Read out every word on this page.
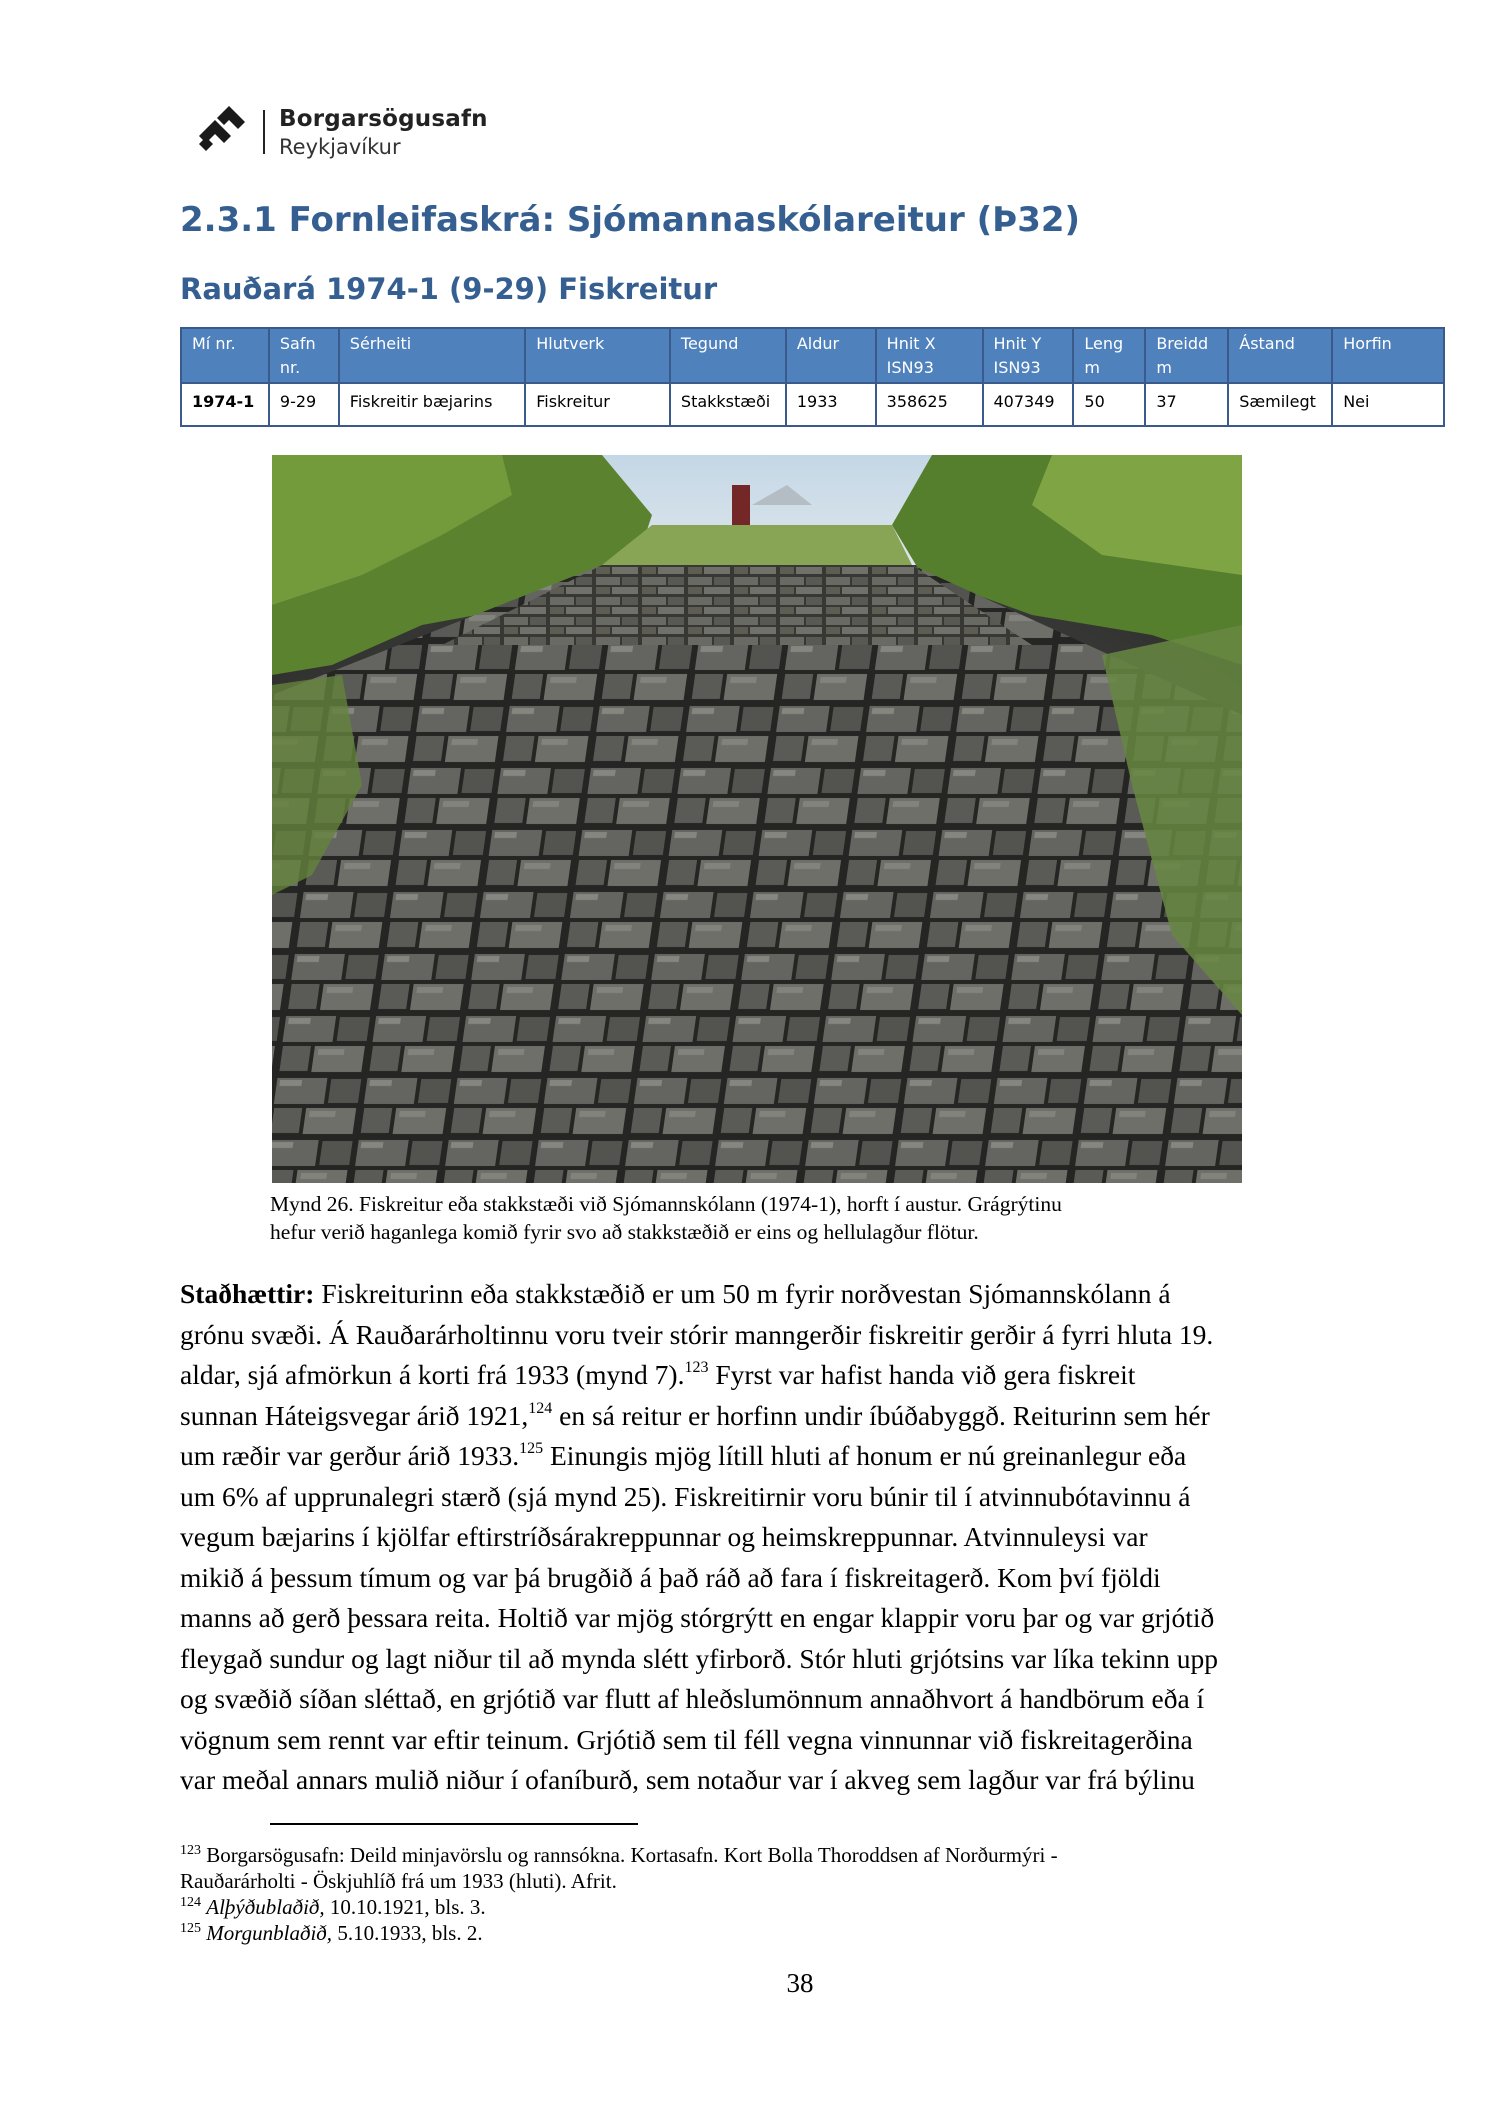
Borgarsögusafn
Reykjavíkur
2.3.1 Fornleifaskrá: Sjómannaskólareitur (Þ32)
Rauðará 1974-1 (9-29) Fiskreitur
Mí nr.	Safn nr.	Sérheiti	Hlutverk	Tegund	Aldur	Hnit X ISN93	Hnit Y ISN93	Leng m	Breidd m	Ástand	Horfin
1974-1	9-29	Fiskreitir bæjarins	Fiskreitur	Stakkstæði	1933	358625	407349	50	37	Sæmilegt	Nei
Mynd 26. Fiskreitur eða stakkstæði við Sjómannskólann (1974-1), horft í austur. Grágrýtinu
hefur verið haganlega komið fyrir svo að stakkstæðið er eins og hellulagður flötur.
Staðhættir: Fiskreiturinn eða stakkstæðið er um 50 m fyrir norðvestan Sjómannskólann á
grónu svæði. Á Rauðarárholtinnu voru tveir stórir manngerðir fiskreitir gerðir á fyrri hluta 19.
aldar, sjá afmörkun á korti frá 1933 (mynd 7).$^{123}$ Fyrst var hafist handa við gera fiskreit
sunnan Háteigsvegar árið 1921,$^{124}$ en sá reitur er horfinn undir íbúðabyggð. Reiturinn sem hér
um ræðir var gerður árið 1933.$^{125}$ Einungis mjög lítill hluti af honum er nú greinanlegur eða
um 6% af upprunalegri stærð (sjá mynd 25). Fiskreitirnir voru búnir til í atvinnubótavinnu á
vegum bæjarins í kjölfar eftirstríðsárakreppunnar og heimskreppunnar. Atvinnuleysi var
mikið á þessum tímum og var þá brugðið á það ráð að fara í fiskreitagerð. Kom því fjöldi
manns að gerð þessara reita. Holtið var mjög stórgrýtt en engar klappir voru þar og var grjótið
fleygað sundur og lagt niður til að mynda slétt yfirborð. Stór hluti grjótsins var líka tekinn upp
og svæðið síðan sléttað, en grjótið var flutt af hleðslumönnum annaðhvort á handbörum eða í
vögnum sem rennt var eftir teinum. Grjótið sem til féll vegna vinnunnar við fiskreitagerðina
var meðal annars mulið niður í ofaníburð, sem notaður var í akveg sem lagður var frá býlinu
$^{123}$ Borgarsögusafn: Deild minjavörslu og rannsókna. Kortasafn. Kort Bolla Thoroddsen af Norðurmýri -
Rauðarárholti - Öskjuhlíð frá um 1933 (hluti). Afrit.
$^{124}$ Alþýðublaðið, 10.10.1921, bls. 3.
$^{125}$ Morgunblaðið, 5.10.1933, bls. 2.
38
